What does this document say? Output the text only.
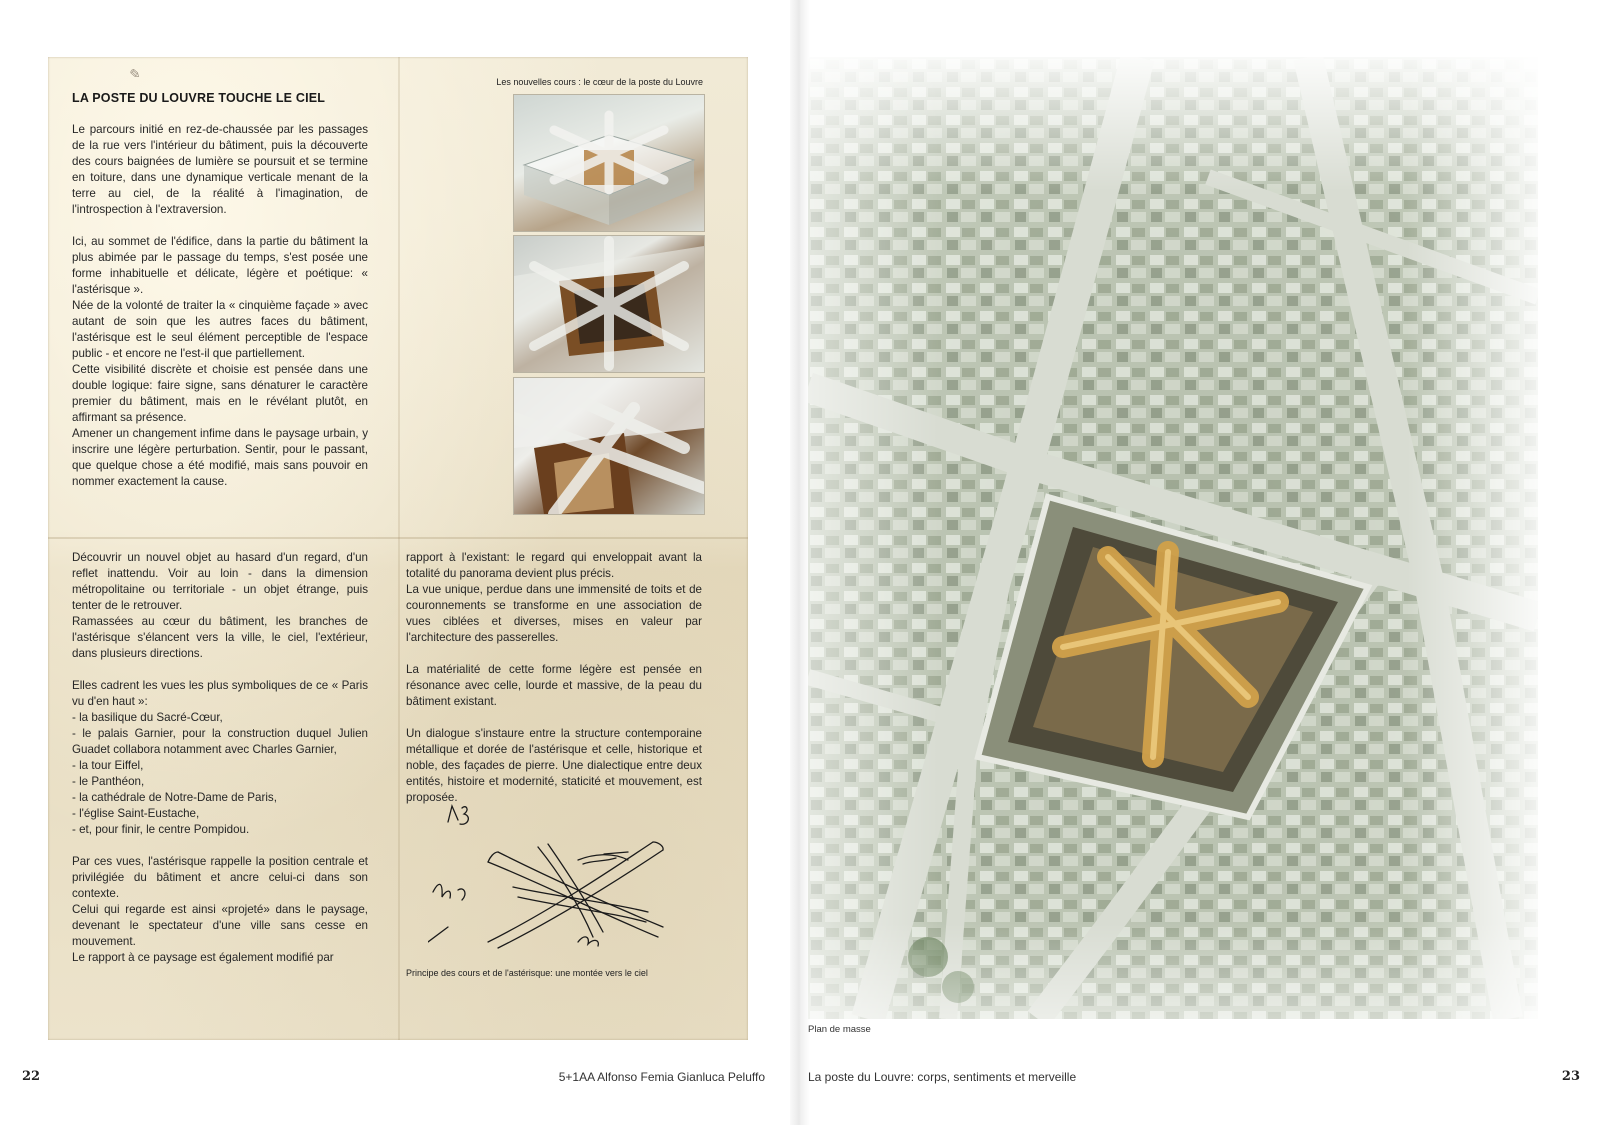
✎
LA POSTE DU LOUVRE TOUCHE LE CIEL

Le parcours initié en rez-de-chaussée par les passages de la rue vers l'intérieur du bâtiment, puis la découverte des cours baignées de lumière se poursuit et se termine en toiture, dans une dynamique verticale menant de la terre au ciel, de la réalité à l'imagination, de l'introspection à l'extraversion.

Ici, au sommet de l'édifice, dans la partie du bâtiment la plus abimée par le passage du temps, s'est posée une forme inhabituelle et délicate, légère et poétique: « l'astérisque ».

Née de la volonté de traiter la « cinquième façade » avec autant de soin que les autres faces du bâtiment, l'astérisque est le seul élément perceptible de l'espace public - et encore ne l'est-il que partiellement.

Cette visibilité discrète et choisie est pensée dans une double logique: faire signe, sans dénaturer le caractère premier du bâtiment, mais en le révélant plutôt, en affirmant sa présence.

Amener un changement infime dans le paysage urbain, y inscrire une légère perturbation. Sentir, pour le passant, que quelque chose a été modifié, mais sans pouvoir en nommer exactement la cause.

Les nouvelles cours : le cœur de la poste du Louvre

Découvrir un nouvel objet au hasard d'un regard, d'un reflet inattendu. Voir au loin - dans la dimension métropolitaine ou territoriale - un objet étrange, puis tenter de le retrouver.

Ramassées au cœur du bâtiment, les branches de l'astérisque s'élancent vers la ville, le ciel, l'extérieur, dans plusieurs directions.

Elles cadrent les vues les plus symboliques de ce « Paris vu d'en haut »:

- la basilique du Sacré-Cœur,
- le palais Garnier, pour la construction duquel Julien Guadet collabora notamment avec Charles Garnier,
- la tour Eiffel,
- le Panthéon,
- la cathédrale de Notre-Dame de Paris,
- l'église Saint-Eustache,
- et, pour finir, le centre Pompidou.

Par ces vues, l'astérisque rappelle la position centrale et privilégiée du bâtiment et ancre celui-ci dans son contexte.

Celui qui regarde est ainsi «projeté» dans le paysage, devenant le spectateur d'une ville sans cesse en mouvement.

Le rapport à ce paysage est également modifié par

rapport à l'existant: le regard qui enveloppait avant la totalité du panorama devient plus précis.

La vue unique, perdue dans une immensité de toits et de couronnements se transforme en une association de vues ciblées et diverses, mises en valeur par l'architecture des passerelles.

La matérialité de cette forme légère est pensée en résonance avec celle, lourde et massive, de la peau du bâtiment existant.

Un dialogue s'instaure entre la structure contemporaine métallique et dorée de l'astérisque et celle, historique et noble, des façades de pierre. Une dialectique entre deux entités, histoire et modernité, staticité et mouvement, est proposée.

Principe des cours et de l'astérisque: une montée vers le ciel
22	5+1AA Alfonso Femia Gianluca Peluffo
Plan de masse
La poste du Louvre: corps, sentiments et merveille	23
